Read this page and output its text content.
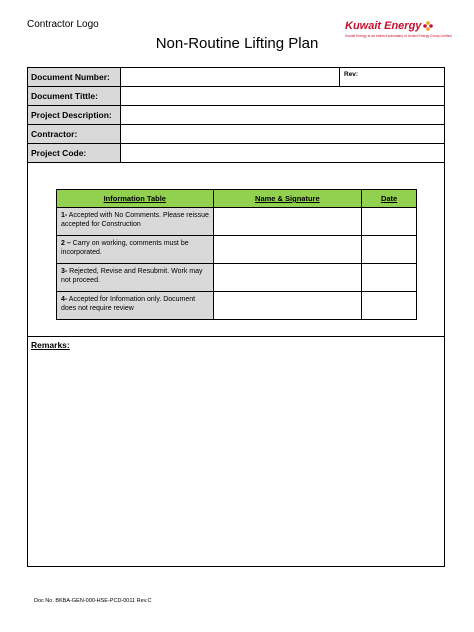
Contractor Logo	Kuwait Energy
Kuwait Energy is an indirect subsidiary of United Energy Group Limited
Non-Routine Lifting Plan
Document Number:	Rev:
Document Tittle:
Project Description:
Contractor:
Project Code:
Information Table	Name & Signature	Date
1- Accepted with No Comments. Please reissue accepted for Construction		
2 – Carry on working, comments must be incorporated.		
3- Rejected, Revise and Resubmit. Work may not proceed.		
4- Accepted for Information only. Document does not require review		
Remarks:
Doc No. BKBA-GEN-000-HSE-PCD-0011 Rev.C
